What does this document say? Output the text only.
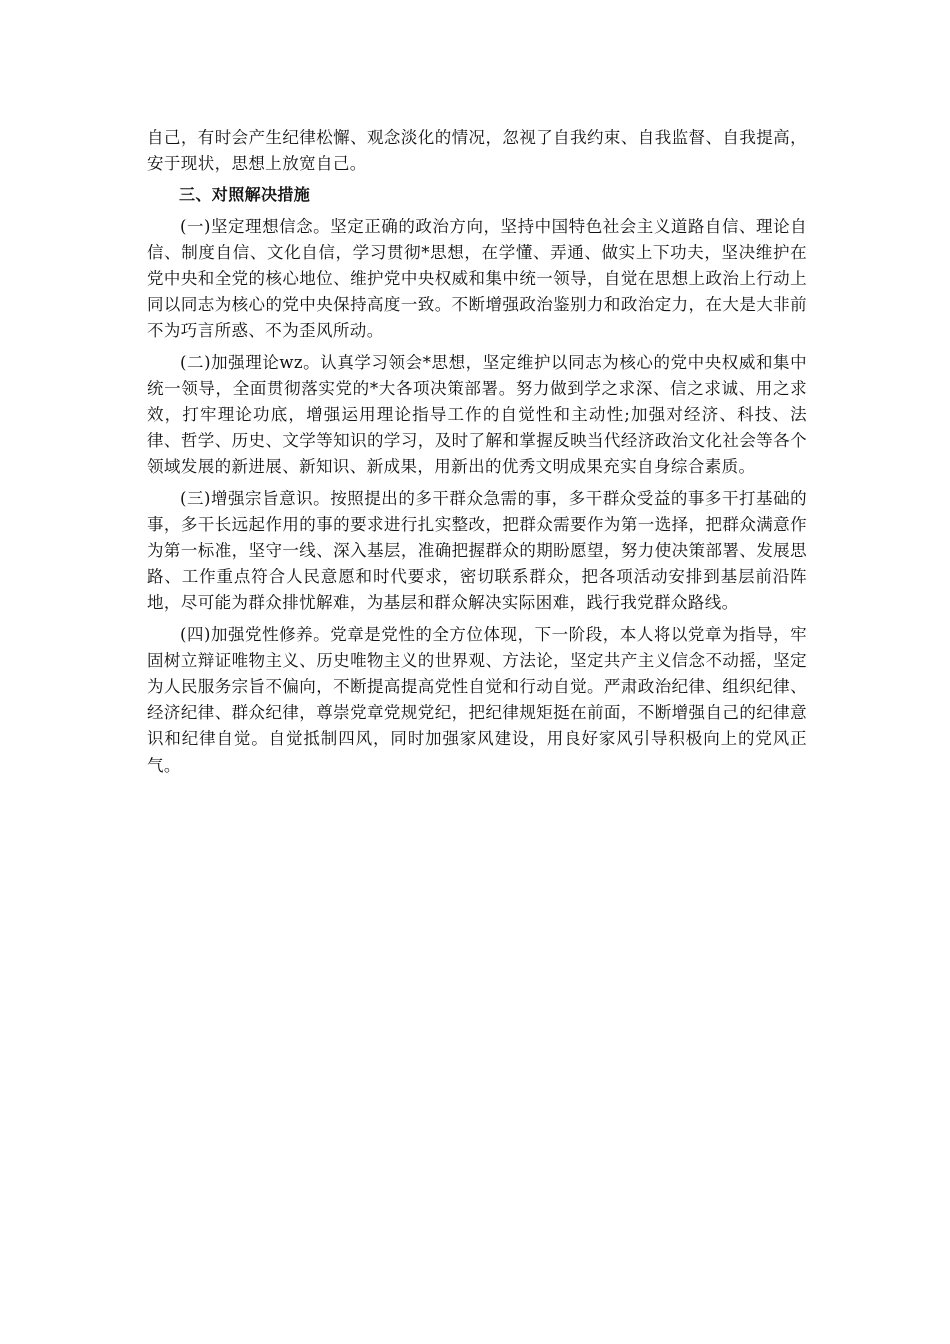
自己，有时会产生纪律松懈、观念淡化的情况，忽视了自我约束、自我监督、自我提高，安于现状，思想上放宽自己。

三、对照解决措施

(一)坚定理想信念。坚定正确的政治方向，坚持中国特色社会主义道路自信、理论自信、制度自信、文化自信，学习贯彻*思想，在学懂、弄通、做实上下功夫，坚决维护在党中央和全党的核心地位、维护党中央权威和集中统一领导，自觉在思想上政治上行动上同以同志为核心的党中央保持高度一致。不断增强政治鉴别力和政治定力，在大是大非前不为巧言所惑、不为歪风所动。

(二)加强理论wz。认真学习领会*思想，坚定维护以同志为核心的党中央权威和集中统一领导，全面贯彻落实党的*大各项决策部署。努力做到学之求深、信之求诚、用之求效，打牢理论功底，增强运用理论指导工作的自觉性和主动性;加强对经济、科技、法律、哲学、历史、文学等知识的学习，及时了解和掌握反映当代经济政治文化社会等各个领域发展的新进展、新知识、新成果，用新出的优秀文明成果充实自身综合素质。

(三)增强宗旨意识。按照提出的多干群众急需的事，多干群众受益的事多干打基础的事，多干长远起作用的事的要求进行扎实整改，把群众需要作为第一选择，把群众满意作为第一标准，坚守一线、深入基层，准确把握群众的期盼愿望，努力使决策部署、发展思路、工作重点符合人民意愿和时代要求，密切联系群众，把各项活动安排到基层前沿阵地，尽可能为群众排忧解难，为基层和群众解决实际困难，践行我党群众路线。

(四)加强党性修养。党章是党性的全方位体现，下一阶段，本人将以党章为指导，牢固树立辩证唯物主义、历史唯物主义的世界观、方法论，坚定共产主义信念不动摇，坚定为人民服务宗旨不偏向，不断提高提高党性自觉和行动自觉。严肃政治纪律、组织纪律、经济纪律、群众纪律，尊崇党章党规党纪，把纪律规矩挺在前面，不断增强自己的纪律意识和纪律自觉。自觉抵制四风，同时加强家风建设，用良好家风引导积极向上的党风正气。
